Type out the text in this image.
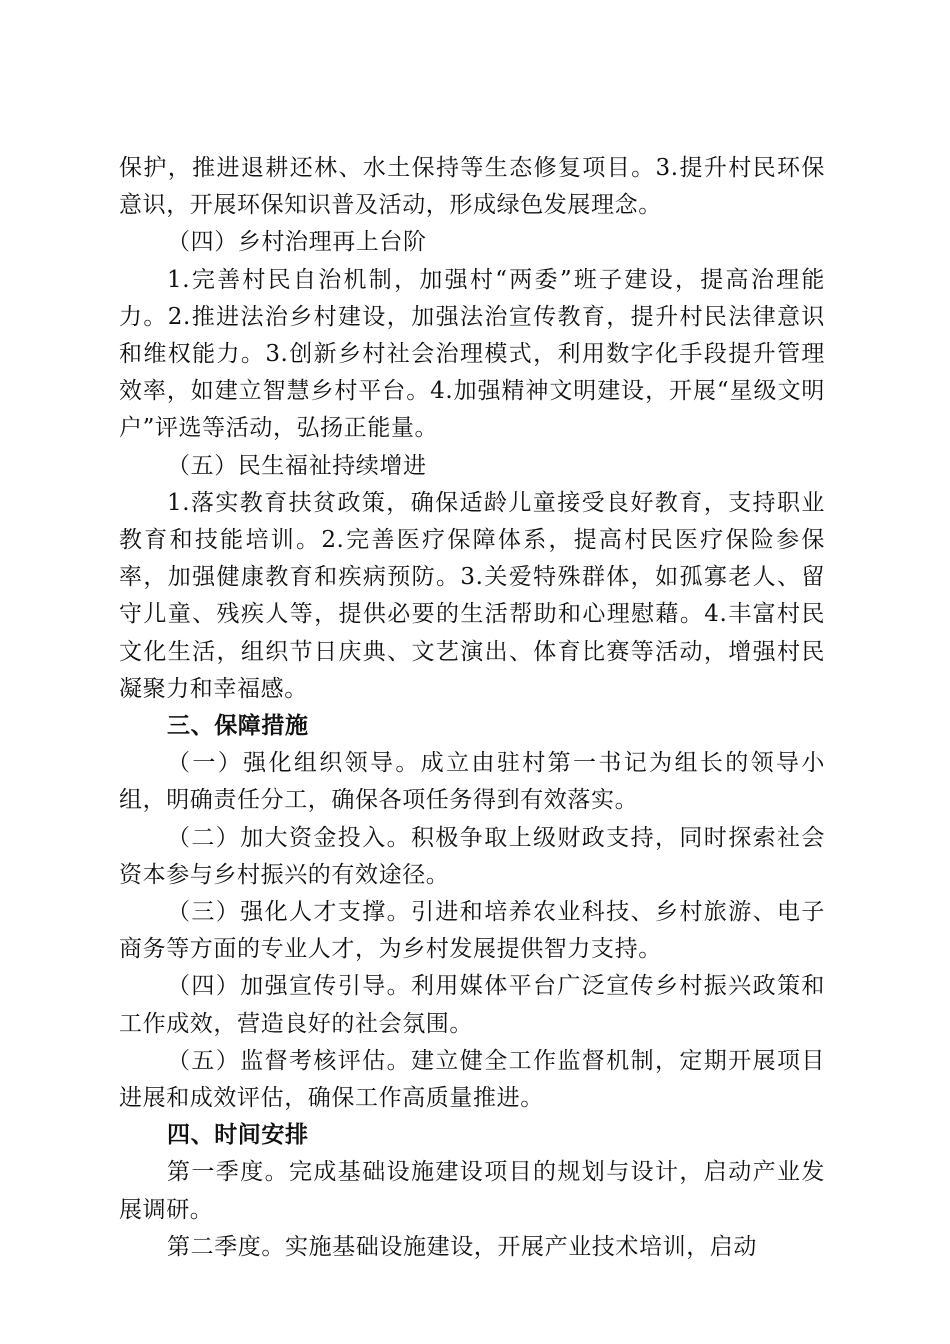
保护，推进退耕还林、水土保持等生态修复项目。3.提升村民环保意识，开展环保知识普及活动，形成绿色发展理念。

（四）乡村治理再上台阶

1.完善村民自治机制，加强村“两委”班子建设，提高治理能力。2.推进法治乡村建设，加强法治宣传教育，提升村民法律意识和维权能力。3.创新乡村社会治理模式，利用数字化手段提升管理效率，如建立智慧乡村平台。4.加强精神文明建设，开展“星级文明户”评选等活动，弘扬正能量。

（五）民生福祉持续增进

1.落实教育扶贫政策，确保适龄儿童接受良好教育，支持职业教育和技能培训。2.完善医疗保障体系，提高村民医疗保险参保率，加强健康教育和疾病预防。3.关爱特殊群体，如孤寡老人、留守儿童、残疾人等，提供必要的生活帮助和心理慰藉。4.丰富村民文化生活，组织节日庆典、文艺演出、体育比赛等活动，增强村民凝聚力和幸福感。

三、保障措施

（一）强化组织领导。成立由驻村第一书记为组长的领导小组，明确责任分工，确保各项任务得到有效落实。

（二）加大资金投入。积极争取上级财政支持，同时探索社会资本参与乡村振兴的有效途径。

（三）强化人才支撑。引进和培养农业科技、乡村旅游、电子商务等方面的专业人才，为乡村发展提供智力支持。

（四）加强宣传引导。利用媒体平台广泛宣传乡村振兴政策和工作成效，营造良好的社会氛围。

（五）监督考核评估。建立健全工作监督机制，定期开展项目进展和成效评估，确保工作高质量推进。

四、时间安排

第一季度。完成基础设施建设项目的规划与设计，启动产业发展调研。

第二季度。实施基础设施建设，开展产业技术培训，启动
